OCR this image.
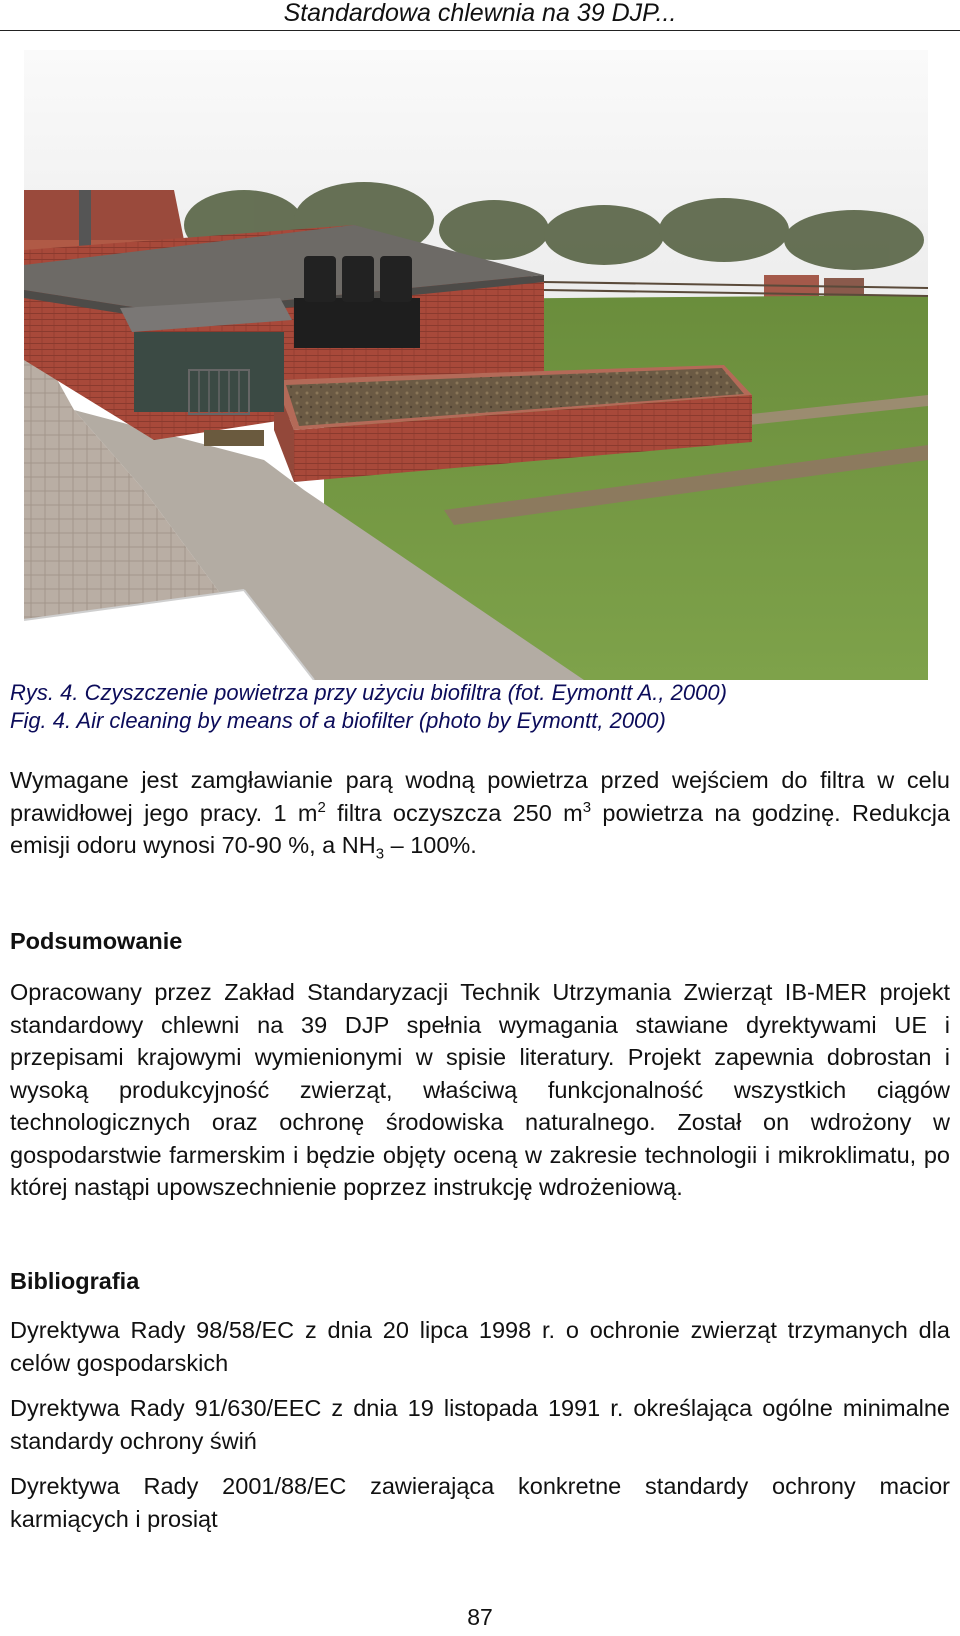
Standardowa chlewnia na 39 DJP...
Rys. 4. Czyszczenie powietrza przy użyciu biofiltra (fot. Eymontt A., 2000)
Fig. 4. Air cleaning by means of a biofilter (photo by Eymontt, 2000)

Wymagane jest zamgławianie parą wodną powietrza przed wejściem do filtra w celu prawidłowej jego pracy. 1 $m^2$ filtra oczyszcza 250 $m^3$ powietrza na godzinę. Redukcja emisji odoru wynosi 70-90 %, a $NH_3 - 100\%$.

Podsumowanie

Opracowany przez Zakład Standaryzacji Technik Utrzymania Zwierząt IB-MER projekt standardowy chlewni na 39 DJP spełnia wymagania stawiane dyrektywami UE i przepisami krajowymi wymienionymi w spisie literatury. Projekt zapewnia dobrostan i wysoką produkcyjność zwierząt, właściwą funkcjonalność wszystkich ciągów technologicznych oraz ochronę środowiska naturalnego. Został on wdrożony w gospodarstwie farmerskim i będzie objęty oceną w zakresie technologii i mikroklimatu, po której nastąpi upowszechnienie poprzez instrukcję wdrożeniową.

Bibliografia

Dyrektywa Rady 98/58/EC z dnia 20 lipca 1998 r. o ochronie zwierząt trzymanych dla celów gospodarskich

Dyrektywa Rady 91/630/EEC z dnia 19 listopada 1991 r. określająca ogólne minimalne standardy ochrony świń

Dyrektywa Rady 2001/88/EC zawierająca konkretne standardy ochrony macior karmiących i prosiąt

87
